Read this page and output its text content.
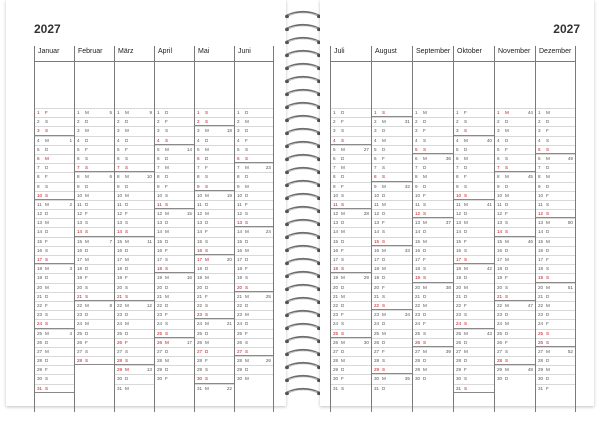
2027
Januar
1 F
2 S
3 S
4 M	1
5 D
6 M
7 D
8 F
9 S
10 S
11 M	2
12 D
13 M
14 D
15 F
16 S
17 S
18 M	3
19 D
20 M
21 D
22 F
23 S
24 S
25 M	4
26 D
27 M
28 D
29 F
30 S
31 S
Februar
1 M	5
2 D
3 M
4 D
5 F
6 S
7 S
8 M	6
9 D
10 M
11 D
12 F
13 S
14 S
15 M	7
16 D
17 M
18 D
19 F
20 S
21 S
22 M	8
23 D
24 M
25 D
26 F
27 S
28 S
März
1 M	9
2 D
3 M
4 D
5 F
6 S
7 S
8 M	10
9 D
10 M
11 D
12 F
13 S
14 S
15 M	11
16 D
17 M
18 D
19 F
20 S
21 S
22 M	12
23 D
24 M
25 D
26 F
27 S
28 S
29 M	13
30 D
31 M
April
1 D
2 F
3 S
4 S
5 M	14
6 D
7 M
8 D
9 F
10 S
11 S
12 M	15
13 D
14 M
15 D
16 F
17 S
18 S
19 M	16
20 D
21 M
22 D
23 F
24 S
25 S
26 M	17
27 D
28 M
29 D
30 F
Mai
1 S
2 S
3 M	18
4 D
5 M
6 D
7 F
8 S
9 S
10 M	19
11 D
12 M
13 D
14 F
15 S
16 S
17 M	20
18 D
19 M
20 D
21 F
22 S
23 S
24 M	21
25 D
26 M
27 D
28 F
29 S
30 S
31 M	22
Juni
1 D
2 M
3 D
4 F
5 S
6 S
7 M	23
8 D
9 M
10 D
11 F
12 S
13 S
14 M	24
15 D
16 M
17 D
18 F
19 S
20 S
21 M	25
22 D
23 M
24 D
25 F
26 S
27 S
28 M	26
29 D
30 M
2027
Juli
1 D
2 F
3 S
4 S
5 M	27
6 D
7 M
8 D
9 F
10 S
11 S
12 M	28
13 D
14 M
15 D
16 F
17 S
18 S
19 M	29
20 D
21 M
22 D
23 F
24 S
25 S
26 M	30
27 D
28 M
29 D
30 F
31 S
August
1 S
2 M	31
3 D
4 M
5 D
6 F
7 S
8 S
9 M	32
10 D
11 M
12 D
13 F
14 S
15 S
16 M	33
17 D
18 M
19 D
20 F
21 S
22 S
23 M	34
24 D
25 M
26 D
27 F
28 S
29 S
30 M	35
31 D
September
1 M
2 D
3 F
4 S
5 S
6 M	36
7 D
8 M
9 D
10 F
11 S
12 S
13 M	37
14 D
15 M
16 D
17 F
18 S
19 S
20 M	38
21 D
22 M
23 D
24 F
25 S
26 S
27 M	39
28 D
29 M
30 D
Oktober
1 F
2 S
3 S
4 M	40
5 D
6 M
7 D
8 F
9 S
10 S
11 M	41
12 D
13 M
14 D
15 F
16 S
17 S
18 M	42
19 D
20 M
21 D
22 F
23 S
24 S
25 M	43
26 D
27 M
28 D
29 F
30 S
31 S
November
1 M	44
2 D
3 M
4 D
5 F
6 S
7 S
8 M	45
9 D
10 M
11 D
12 F
13 S
14 S
15 M	46
16 D
17 M
18 D
19 F
20 S
21 S
22 M	47
23 D
24 M
25 D
26 F
27 S
28 S
29 M	48
30 D
Dezember
1 M
2 D
3 F
4 S
5 S
6 M	49
7 D
8 M
9 D
10 F
11 S
12 S
13 M	50
14 D
15 M
16 D
17 F
18 S
19 S
20 M	51
21 D
22 M
23 D
24 F
25 S
26 S
27 M	52
28 D
29 M
30 D
31 F
